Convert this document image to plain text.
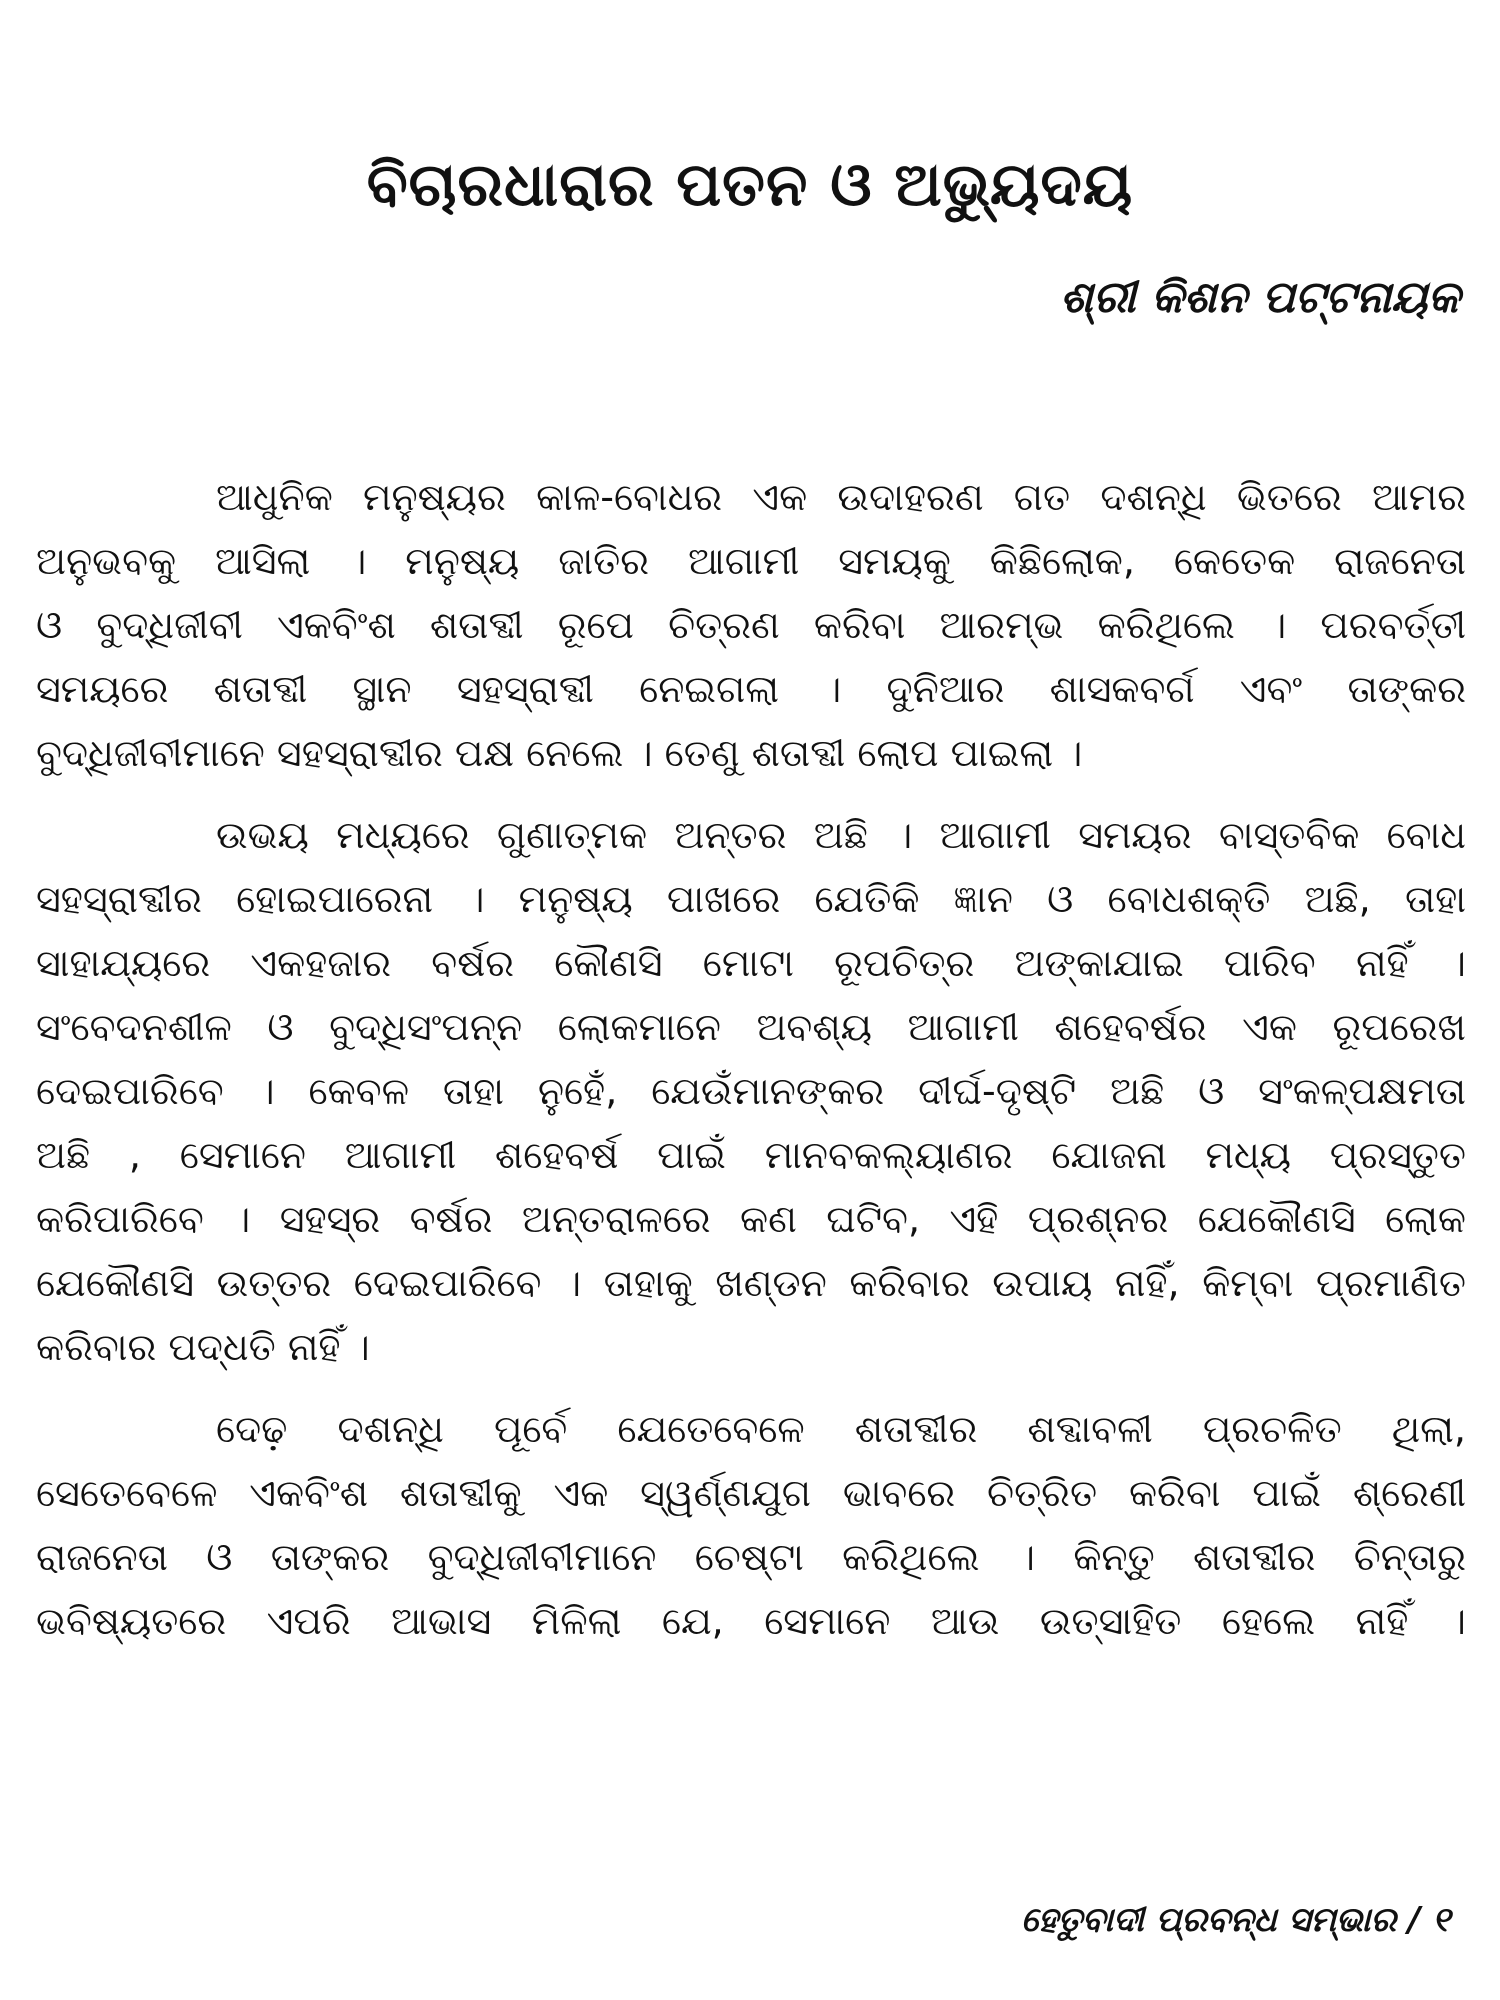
ବିଚାରଧାରାର ପତନ ଓ ଅଭ୍ୟୁଦୟ
ଶ୍ରୀ କିଶନ ପଟ୍ଟନାୟକ
ଆଧୁନିକ ମନୁଷ୍ୟର କାଳ-ବୋଧର ଏକ ଉଦାହରଣ ଗତ ଦଶନ୍ଧି ଭିତରେ ଆମର
ଅନୁଭବକୁ ଆସିଲା । ମନୁଷ୍ୟ ଜାତିର ଆଗାମୀ ସମୟକୁ କିଛିଲୋକ, କେତେକ ରାଜନେତା
ଓ ବୁଦ୍ଧିଜୀବୀ ଏକବିଂଶ ଶତାବ୍ଦୀ ରୂପେ ଚିତ୍ରଣ କରିବା ଆରମ୍ଭ କରିଥିଲେ । ପରବର୍ତ୍ତୀ
ସମୟରେ ଶତାବ୍ଦୀ ସ୍ଥାନ ସହସ୍ରାବ୍ଦୀ ନେଇଗଲା । ଦୁନିଆର ଶାସକବର୍ଗ ଏବଂ ତାଙ୍କର
ବୁଦ୍ଧିଜୀବୀମାନେ ସହସ୍ରାବ୍ଦୀର ପକ୍ଷ ନେଲେ । ତେଣୁ ଶତାବ୍ଦୀ ଲୋପ ପାଇଲା ।
ଉଭୟ ମଧ୍ୟରେ ଗୁଣାତ୍ମକ ଅନ୍ତର ଅଛି । ଆଗାମୀ ସମୟର ବାସ୍ତବିକ ବୋଧ
ସହସ୍ରାବ୍ଦୀର ହୋଇପାରେନା । ମନୁଷ୍ୟ ପାଖରେ ଯେତିକି ଜ୍ଞାନ ଓ ବୋଧଶକ୍ତି ଅଛି, ତାହା
ସାହାଯ୍ୟରେ ଏକହଜାର ବର୍ଷର କୌଣସି ମୋଟା ରୂପଚିତ୍ର ଅଙ୍କାଯାଇ ପାରିବ ନାହିଁ ।
ସଂବେଦନଶୀଳ ଓ ବୁଦ୍ଧିସଂପନ୍ନ ଲୋକମାନେ ଅବଶ୍ୟ ଆଗାମୀ ଶହେବର୍ଷର ଏକ ରୂପରେଖ
ଦେଇପାରିବେ । କେବଳ ତାହା ନୁହେଁ, ଯେଉଁମାନଙ୍କର ଦୀର୍ଘ-ଦୃଷ୍ଟି ଅଛି ଓ ସଂକଳ୍ପକ୍ଷମତା
ଅଛି , ସେମାନେ ଆଗାମୀ ଶହେବର୍ଷ ପାଇଁ ମାନବକଲ୍ୟାଣର ଯୋଜନା ମଧ୍ୟ ପ୍ରସ୍ତୁତ
କରିପାରିବେ । ସହସ୍ର ବର୍ଷର ଅନ୍ତରାଳରେ କଣ ଘଟିବ, ଏହି ପ୍ରଶ୍ନର ଯେକୌଣସି ଲୋକ
ଯେକୌଣସି ଉତ୍ତର ଦେଇପାରିବେ । ତାହାକୁ ଖଣ୍ଡନ କରିବାର ଉପାୟ ନାହିଁ, କିମ୍ବା ପ୍ରମାଣିତ
କରିବାର ପଦ୍ଧତି ନାହିଁ ।
ଦେଢ଼ ଦଶନ୍ଧି ପୂର୍ବେ ଯେତେବେଳେ ଶତାବ୍ଦୀର ଶବ୍ଦାବଳୀ ପ୍ରଚଳିତ ଥିଲା,
ସେତେବେଳେ ଏକବିଂଶ ଶତାବ୍ଦୀକୁ ଏକ ସ୍ୱର୍ଣ୍ଣଯୁଗ ଭାବରେ ଚିତ୍ରିତ କରିବା ପାଇଁ ଶ୍ରେଣୀ
ରାଜନେତା ଓ ତାଙ୍କର ବୁଦ୍ଧିଜୀବୀମାନେ ଚେଷ୍ଟା କରିଥିଲେ । କିନ୍ତୁ ଶତାବ୍ଦୀର ଚିନ୍ତାରୁ
ଭବିଷ୍ୟତରେ ଏପରି ଆଭାସ ମିଳିଲା ଯେ, ସେମାନେ ଆଉ ଉତ୍ସାହିତ ହେଲେ ନାହିଁ ।
ହେତୁବାଦୀ ପ୍ରବନ୍ଧ ସମ୍ଭାର / ୧
